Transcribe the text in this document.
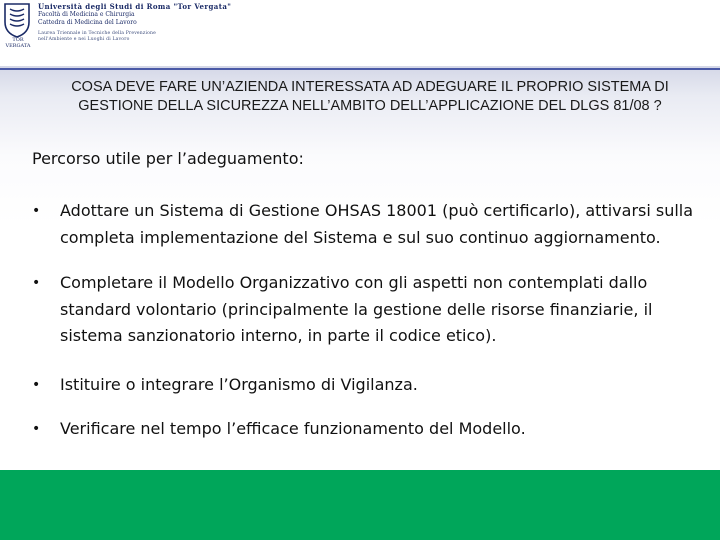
TOR VERGATA
Università degli Studi di Roma "Tor Vergata"
Facoltà di Medicina e Chirurgia
Cattedra di Medicina del Lavoro
Laurea Triennale in Tecniche della Prevenzione
nell'Ambiente e nei Luoghi di Lavoro
COSA DEVE FARE UN’AZIENDA INTERESSATA AD ADEGUARE IL PROPRIO SISTEMA DI GESTIONE DELLA SICUREZZA NELL’AMBITO DELL’APPLICAZIONE DEL DLGS 81/08 ?
Percorso utile per l’adeguamento:
•	Adottare un Sistema di Gestione OHSAS 18001 (può certificarlo), attivarsi sulla completa implementazione del Sistema e sul suo continuo aggiornamento.
•	Completare il Modello Organizzativo con gli aspetti non contemplati dallo standard volontario (principalmente la gestione delle risorse finanziarie, il sistema sanzionatorio interno, in parte il codice etico).
•	Istituire o integrare l’Organismo di Vigilanza.
•	Verificare nel tempo l’efficace funzionamento del Modello.
